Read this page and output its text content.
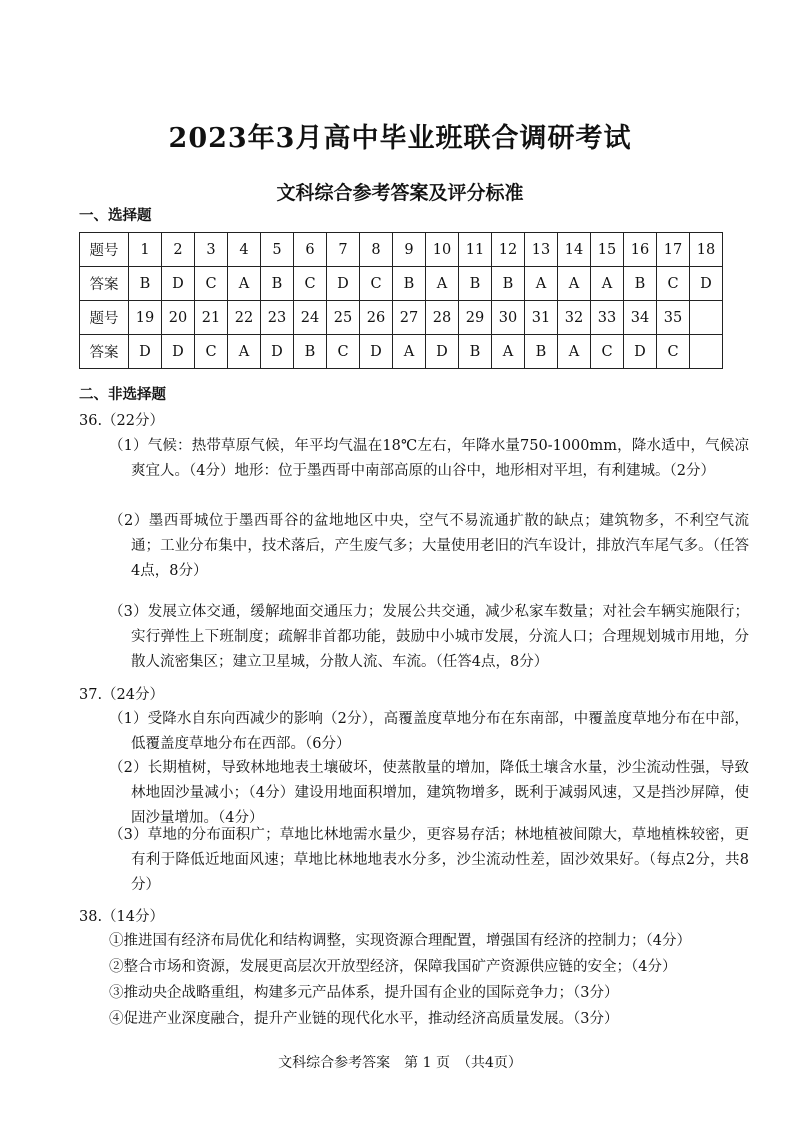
2023年3月高中毕业班联合调研考试
文科综合参考答案及评分标准
一、选择题
题号	1	2	3	4	5	6	7	8	9	10	11	12	13	14	15	16	17	18
答案	B	D	C	A	B	C	D	C	B	A	B	B	A	A	A	B	C	D
题号	19	20	21	22	23	24	25	26	27	28	29	30	31	32	33	34	35	
答案	D	D	C	A	D	B	C	D	A	D	B	A	B	A	C	D	C	
二、非选择题
36.（22分）
（1）气候：热带草原气候，年平均气温在18℃左右，年降水量750-1000mm，降水适中，气候凉爽宜人。（4分）地形：位于墨西哥中南部高原的山谷中，地形相对平坦，有利建城。（2分）
（2）墨西哥城位于墨西哥谷的盆地地区中央，空气不易流通扩散的缺点；建筑物多，不利空气流通；工业分布集中，技术落后，产生废气多；大量使用老旧的汽车设计，排放汽车尾气多。（任答4点，8分）
（3）发展立体交通，缓解地面交通压力；发展公共交通，减少私家车数量；对社会车辆实施限行；实行弹性上下班制度；疏解非首都功能，鼓励中小城市发展，分流人口；合理规划城市用地，分散人流密集区；建立卫星城，分散人流、车流。（任答4点，8分）
37.（24分）
（1）受降水自东向西减少的影响（2分），高覆盖度草地分布在东南部，中覆盖度草地分布在中部，低覆盖度草地分布在西部。（6分）
（2）长期植树，导致林地地表土壤破坏，使蒸散量的增加，降低土壤含水量，沙尘流动性强，导致林地固沙量减小；（4分）建设用地面积增加，建筑物增多，既利于减弱风速，又是挡沙屏障，使固沙量增加。（4分）
（3）草地的分布面积广；草地比林地需水量少，更容易存活；林地植被间隙大，草地植株较密，更有利于降低近地面风速；草地比林地地表水分多，沙尘流动性差，固沙效果好。（每点2分，共8分）
38.（14分）
①推进国有经济布局优化和结构调整，实现资源合理配置，增强国有经济的控制力；（4分）
②整合市场和资源，发展更高层次开放型经济，保障我国矿产资源供应链的安全；（4分）
③推动央企战略重组，构建多元产品体系，提升国有企业的国际竞争力；（3分）
④促进产业深度融合，提升产业链的现代化水平，推动经济高质量发展。（3分）
文科综合参考答案　第 1 页　（共4页）
